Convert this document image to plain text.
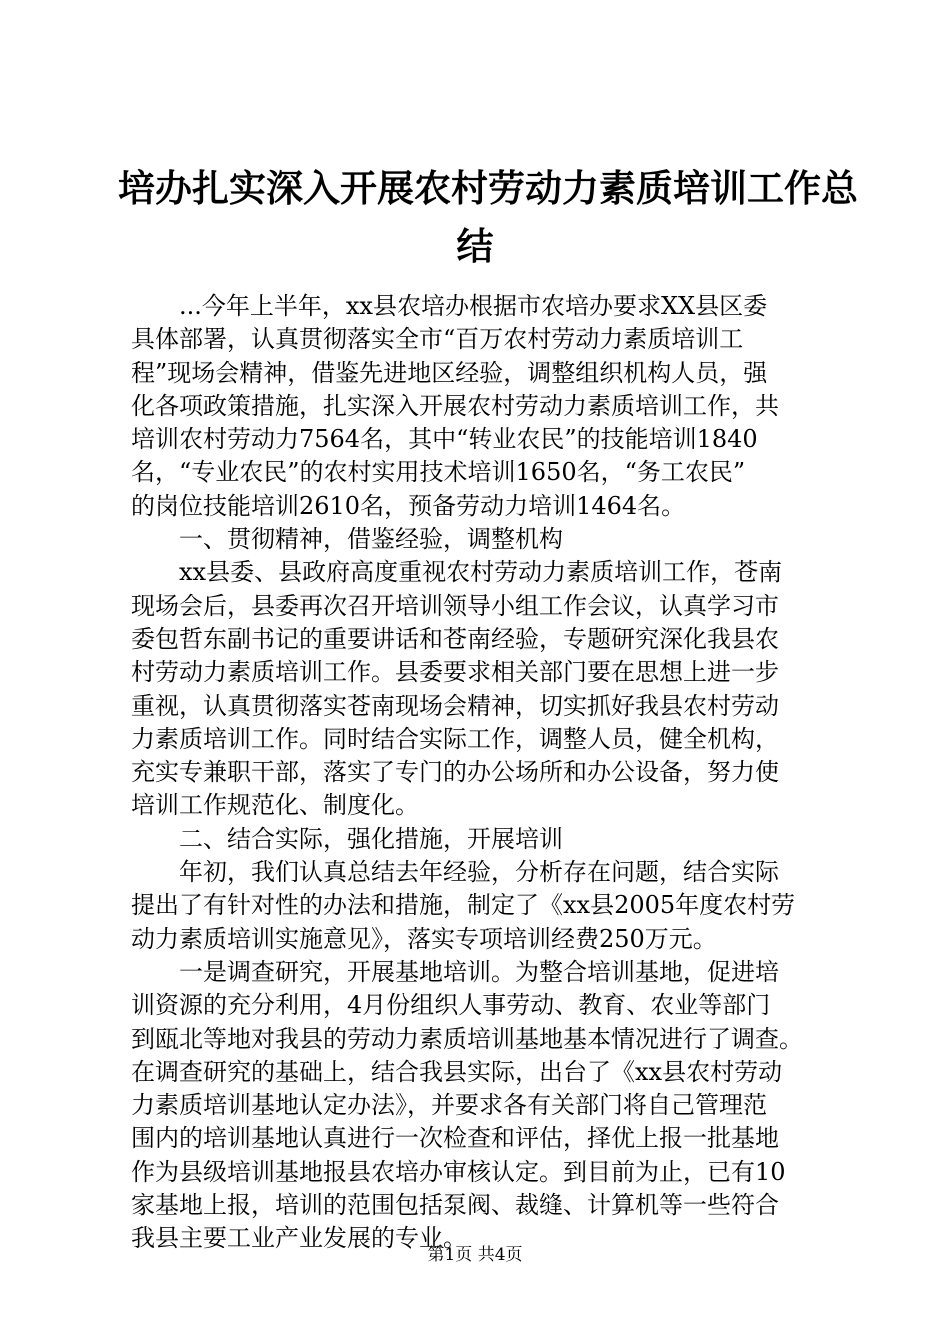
培办扎实深入开展农村劳动力素质培训工作总
结

...今年上半年，xx县农培办根据市农培办要求XX县区委

具体部署，认真贯彻落实全市“百万农村劳动力素质培训工

程”现场会精神，借鉴先进地区经验，调整组织机构人员，强

化各项政策措施，扎实深入开展农村劳动力素质培训工作，共

培训农村劳动力7564名，其中“转业农民”的技能培训1840

名，“专业农民”的农村实用技术培训1650名，“务工农民”

的岗位技能培训2610名，预备劳动力培训1464名。

一、贯彻精神，借鉴经验，调整机构

xx县委、县政府高度重视农村劳动力素质培训工作，苍南

现场会后，县委再次召开培训领导小组工作会议，认真学习市

委包哲东副书记的重要讲话和苍南经验，专题研究深化我县农

村劳动力素质培训工作。县委要求相关部门要在思想上进一步

重视，认真贯彻落实苍南现场会精神，切实抓好我县农村劳动

力素质培训工作。同时结合实际工作，调整人员，健全机构，

充实专兼职干部，落实了专门的办公场所和办公设备，努力使

培训工作规范化、制度化。

二、结合实际，强化措施，开展培训

年初，我们认真总结去年经验，分析存在问题，结合实际

提出了有针对性的办法和措施，制定了《xx县2005年度农村劳

动力素质培训实施意见》，落实专项培训经费250万元。

一是调查研究，开展基地培训。为整合培训基地，促进培

训资源的充分利用，4月份组织人事劳动、教育、农业等部门

到瓯北等地对我县的劳动力素质培训基地基本情况进行了调查。

在调查研究的基础上，结合我县实际，出台了《xx县农村劳动

力素质培训基地认定办法》，并要求各有关部门将自己管理范

围内的培训基地认真进行一次检查和评估，择优上报一批基地

作为县级培训基地报县农培办审核认定。到目前为止，已有10

家基地上报，培训的范围包括泵阀、裁缝、计算机等一些符合

我县主要工业产业发展的专业。

第1页 共4页
